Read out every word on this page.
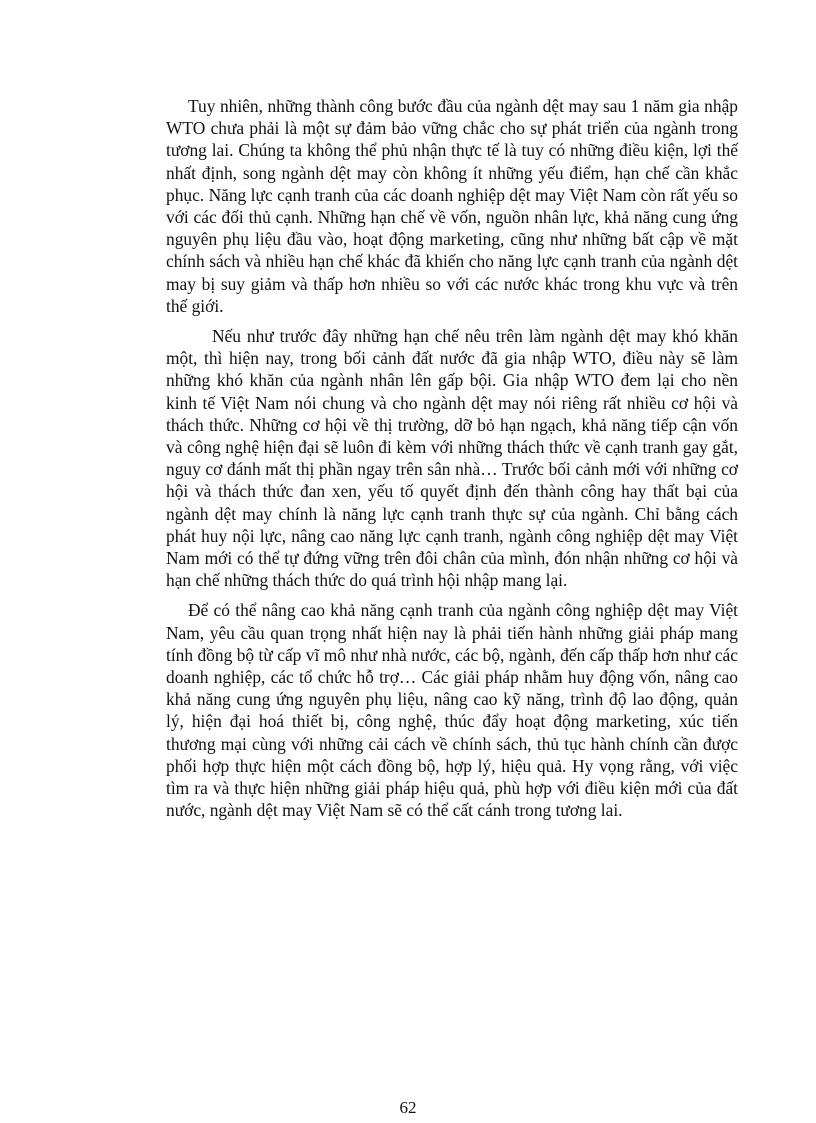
Tuy nhiên, những thành công bước đầu của ngành dệt may sau 1 năm gia nhập WTO chưa phải là một sự đảm bảo vững chắc cho sự phát triển của ngành trong tương lai. Chúng ta không thể phủ nhận thực tế là tuy có những điều kiện, lợi thế nhất định, song ngành dệt may còn không ít những yếu điểm, hạn chế cần khắc phục. Năng lực cạnh tranh của các doanh nghiệp dệt may Việt Nam còn rất yếu so với các đối thủ cạnh. Những hạn chế về vốn, nguồn nhân lực, khả năng cung ứng nguyên phụ liệu đầu vào, hoạt động marketing, cũng như những bất cập về mặt chính sách và nhiều hạn chế khác đã khiến cho năng lực cạnh tranh của ngành dệt may bị suy giảm và thấp hơn nhiều so với các nước khác trong khu vực và trên thế giới.

Nếu như trước đây những hạn chế nêu trên làm ngành dệt may khó khăn một, thì hiện nay, trong bối cảnh đất nước đã gia nhập WTO, điều này sẽ làm những khó khăn của ngành nhân lên gấp bội. Gia nhập WTO đem lại cho nền kinh tế Việt Nam nói chung và cho ngành dệt may nói riêng rất nhiều cơ hội và thách thức. Những cơ hội về thị trường, dỡ bỏ hạn ngạch, khả năng tiếp cận vốn và công nghệ hiện đại sẽ luôn đi kèm với những thách thức về cạnh tranh gay gắt, nguy cơ đánh mất thị phần ngay trên sân nhà… Trước bối cảnh mới với những cơ hội và thách thức đan xen, yếu tố quyết định đến thành công hay thất bại của ngành dệt may chính là năng lực cạnh tranh thực sự của ngành. Chỉ bằng cách phát huy nội lực, nâng cao năng lực cạnh tranh, ngành công nghiệp dệt may Việt Nam mới có thể tự đứng vững trên đôi chân của mình, đón nhận những cơ hội và hạn chế những thách thức do quá trình hội nhập mang lại.

Để có thể nâng cao khả năng cạnh tranh của ngành công nghiệp dệt may Việt Nam, yêu cầu quan trọng nhất hiện nay là phải tiến hành những giải pháp mang tính đồng bộ từ cấp vĩ mô như nhà nước, các bộ, ngành, đến cấp thấp hơn như các doanh nghiệp, các tổ chức hỗ trợ… Các giải pháp nhằm huy động vốn, nâng cao khả năng cung ứng nguyên phụ liệu, nâng cao kỹ năng, trình độ lao động, quản lý, hiện đại hoá thiết bị, công nghệ, thúc đẩy hoạt động marketing, xúc tiến thương mại cùng với những cải cách về chính sách, thủ tục hành chính cần được phối hợp thực hiện một cách đồng bộ, hợp lý, hiệu quả. Hy vọng rằng, với việc tìm ra và thực hiện những giải pháp hiệu quả, phù hợp với điều kiện mới của đất nước, ngành dệt may Việt Nam sẽ có thể cất cánh trong tương lai.

62
